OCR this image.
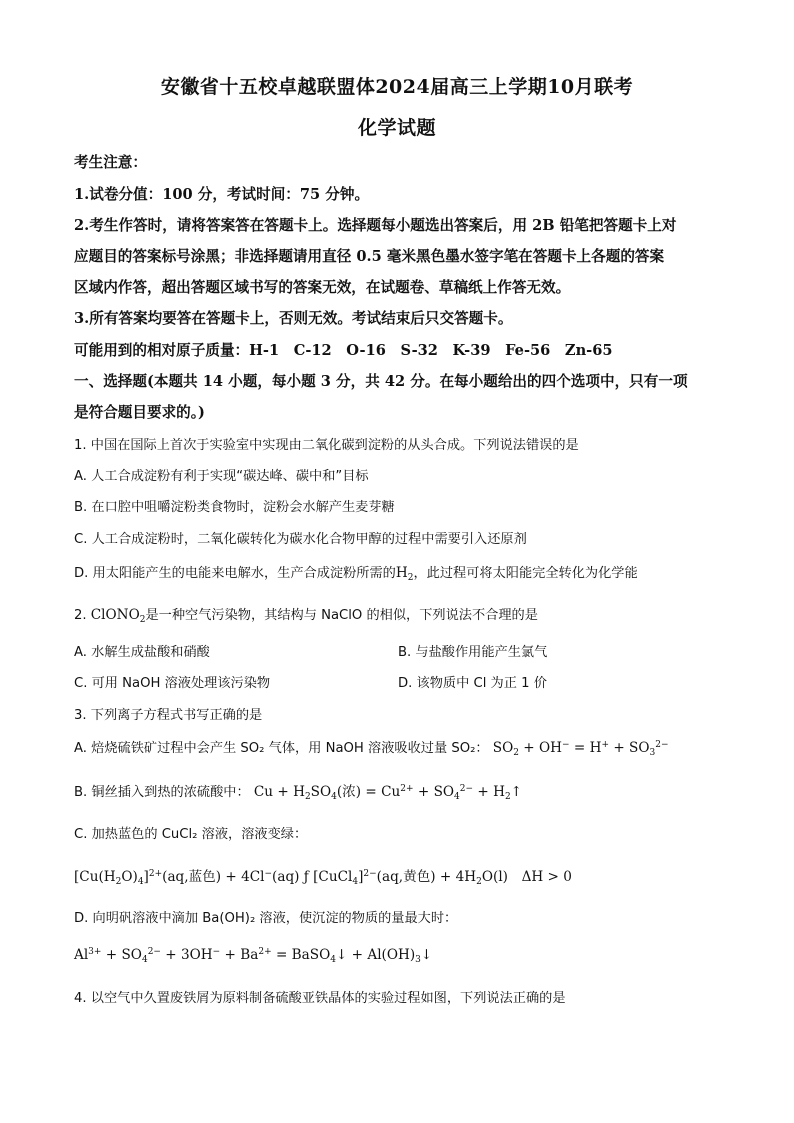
安徽省十五校卓越联盟体2024届高三上学期10月联考
化学试题
考生注意：
1.试卷分值：100 分，考试时间：75 分钟。
2.考生作答时，请将答案答在答题卡上。选择题每小题选出答案后，用 2B 铅笔把答题卡上对
应题目的答案标号涂黑；非选择题请用直径 0.5 毫米黑色墨水签字笔在答题卡上各题的答案
区域内作答，超出答题区域书写的答案无效，在试题卷、草稿纸上作答无效。
3.所有答案均要答在答题卡上，否则无效。考试结束后只交答题卡。
可能用到的相对原子质量：H-1　C-12　O-16　S-32　K-39　Fe-56　Zn-65
一、选择题(本题共 14 小题，每小题 3 分，共 42 分。在每小题给出的四个选项中，只有一项
是符合题目要求的。)
1. 中国在国际上首次于实验室中实现由二氧化碳到淀粉的从头合成。下列说法错误的是
A. 人工合成淀粉有利于实现“碳达峰、碳中和”目标
B. 在口腔中咀嚼淀粉类食物时，淀粉会水解产生麦芽糖
C. 人工合成淀粉时，二氧化碳转化为碳水化合物甲醇的过程中需要引入还原剂
D. 用太阳能产生的电能来电解水，生产合成淀粉所需的$H_2$，此过程可将太阳能完全转化为化学能
2. ClONO$_2$是一种空气污染物，其结构与 NaClO 的相似，下列说法不合理的是
A. 水解生成盐酸和硝酸	B. 与盐酸作用能产生氯气
C. 可用 NaOH 溶液处理该污染物	D. 该物质中 Cl 为正 1 价
3. 下列离子方程式书写正确的是
A. 焙烧硫铁矿过程中会产生 SO₂ 气体，用 NaOH 溶液吸收过量 SO₂： $SO_2 + OH^- = H^+ + SO_3^{2-}$
B. 铜丝插入到热的浓硫酸中： $Cu + H_2SO_4$(浓) = $Cu^{2+} + SO_4^{2-}$ + $H_2↑$
C. 加热蓝色的 CuCl₂ 溶液，溶液变绿：
$[Cu(H_2O)_4]^{2+}(aq$,蓝色) + 4Cl−(aq) ƒ [CuCl$_4$]$^{2-}$(aq,黄色) + $4H_2O(l)$　ΔH > 0
D. 向明矾溶液中滴加 Ba(OH)₂ 溶液，使沉淀的物质的量最大时：
$Al^{3+} + SO_4^{2-} + 3OH^- + Ba^{2+}$ = BaSO$_4$↓ + $Al(OH)_3↓$
4. 以空气中久置废铁屑为原料制备硫酸亚铁晶体的实验过程如图，下列说法正确的是
